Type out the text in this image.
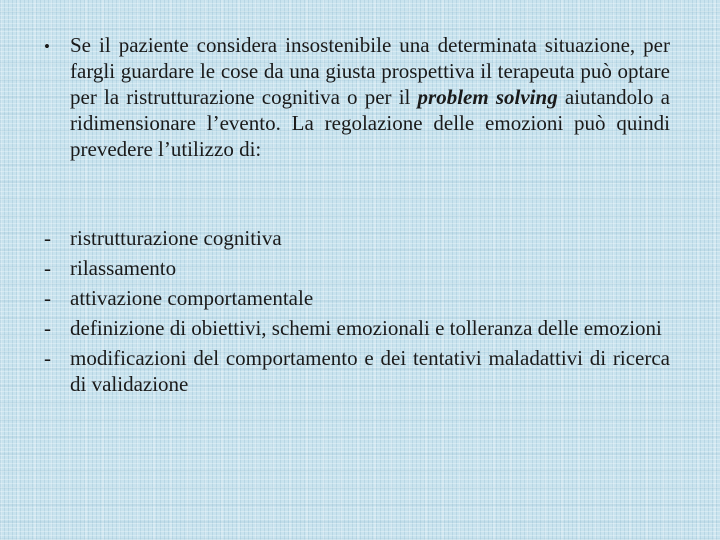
• Se il paziente considera insostenibile una determinata situazione, per fargli guardare le cose da una giusta prospettiva il terapeuta può optare per la ristrutturazione cognitiva o per il problem solving aiutandolo a ridimensionare l’evento. La regolazione delle emozioni può quindi prevedere l’utilizzo di:

- ristrutturazione cognitiva
- rilassamento
- attivazione comportamentale
- definizione di obiettivi, schemi emozionali e tolleranza delle emozioni
- modificazioni del comportamento e dei tentativi maladattivi di ricerca di validazione
